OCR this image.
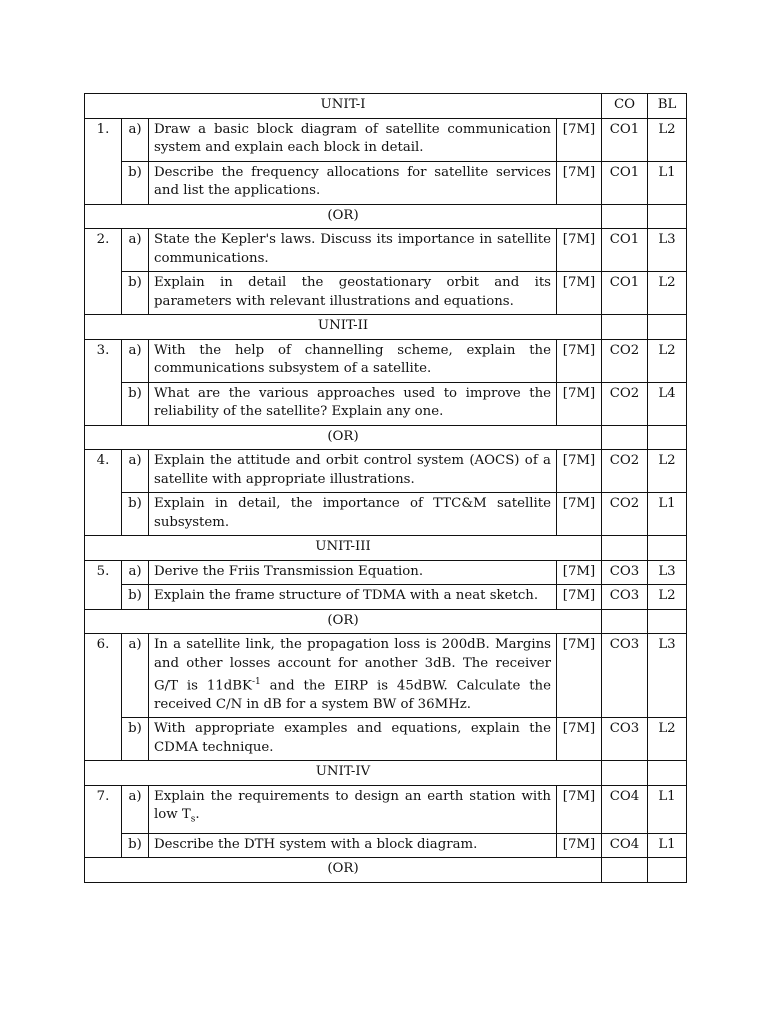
UNIT-I				CO	BL
1.	a)	Draw a basic block diagram of satellite communication system and explain each block in detail.	[7M]	CO1	L2
	b)	Describe the frequency allocations for satellite services and list the applications.	[7M]	CO1	L1
(OR)					
2.	a)	State the Kepler's laws. Discuss its importance in satellite communications.	[7M]	CO1	L3
	b)	Explain in detail the geostationary orbit and its parameters with relevant illustrations and equations.	[7M]	CO1	L2
UNIT-II					
3.	a)	With the help of channelling scheme, explain the communications subsystem of a satellite.	[7M]	CO2	L2
	b)	What are the various approaches used to improve the reliability of the satellite? Explain any one.	[7M]	CO2	L4
(OR)					
4.	a)	Explain the attitude and orbit control system (AOCS) of a satellite with appropriate illustrations.	[7M]	CO2	L2
	b)	Explain in detail, the importance of TTC&M satellite subsystem.	[7M]	CO2	L1
UNIT-III					
5.	a)	Derive the Friis Transmission Equation.	[7M]	CO3	L3
	b)	Explain the frame structure of TDMA with a neat sketch.	[7M]	CO3	L2
(OR)					
6.	a)	In a satellite link, the propagation loss is 200dB. Margins and other losses account for another 3dB. The receiver G/T is 11dBK$^{-1}$ and the EIRP is 45dBW. Calculate the received C/N in dB for a system BW of 36MHz.	[7M]	CO3	L3
	b)	With appropriate examples and equations, explain the CDMA technique.	[7M]	CO3	L2
UNIT-IV					
7.	a)	Explain the requirements to design an earth station with low $T_s$.	[7M]	CO4	L1
	b)	Describe the DTH system with a block diagram.	[7M]	CO4	L1
(OR)					
